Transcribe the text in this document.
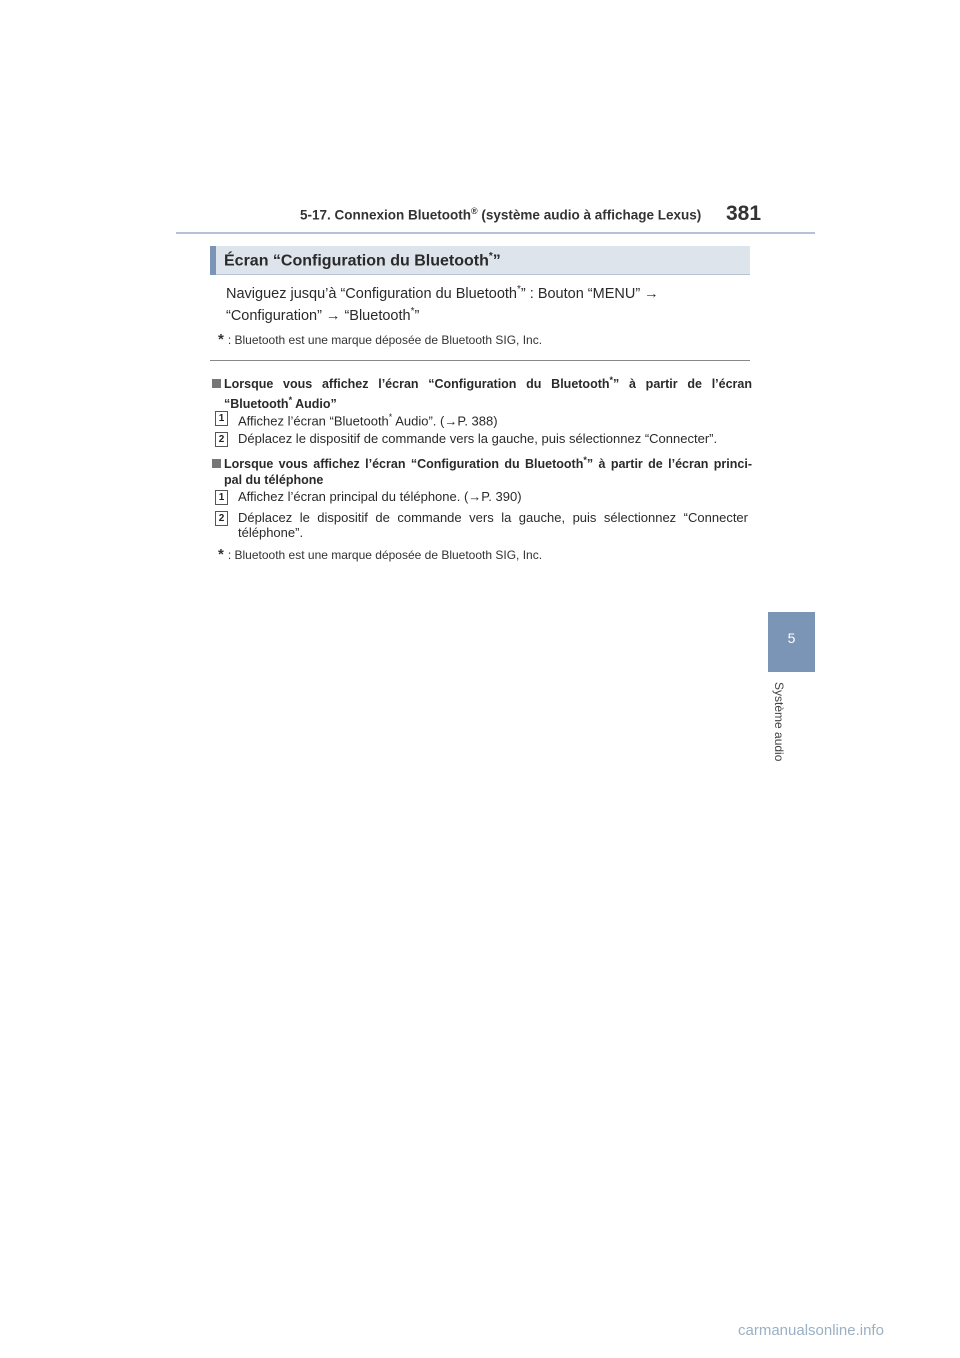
5-17. Connexion Bluetooth® (système audio à affichage Lexus) 381
Écran “Configuration du Bluetooth*”
Naviguez jusqu’à “Configuration du Bluetooth*” : Bouton “MENU” →
“Configuration” → “Bluetooth*”
* : Bluetooth est une marque déposée de Bluetooth SIG, Inc.
Lorsque vous affichez l’écran “Configuration du Bluetooth*” à partir de l’écran
“Bluetooth* Audio”
1 Affichez l’écran “Bluetooth* Audio”. (→P. 388)
2 Déplacez le dispositif de commande vers la gauche, puis sélectionnez “Connecter”.
Lorsque vous affichez l’écran “Configuration du Bluetooth*” à partir de l’écran princi-
pal du téléphone
1 Affichez l’écran principal du téléphone. (→P. 390)
2 Déplacez le dispositif de commande vers la gauche, puis sélectionnez “Connecter
téléphone”.
* : Bluetooth est une marque déposée de Bluetooth SIG, Inc.
5
Système audio
carmanualsonline.info
